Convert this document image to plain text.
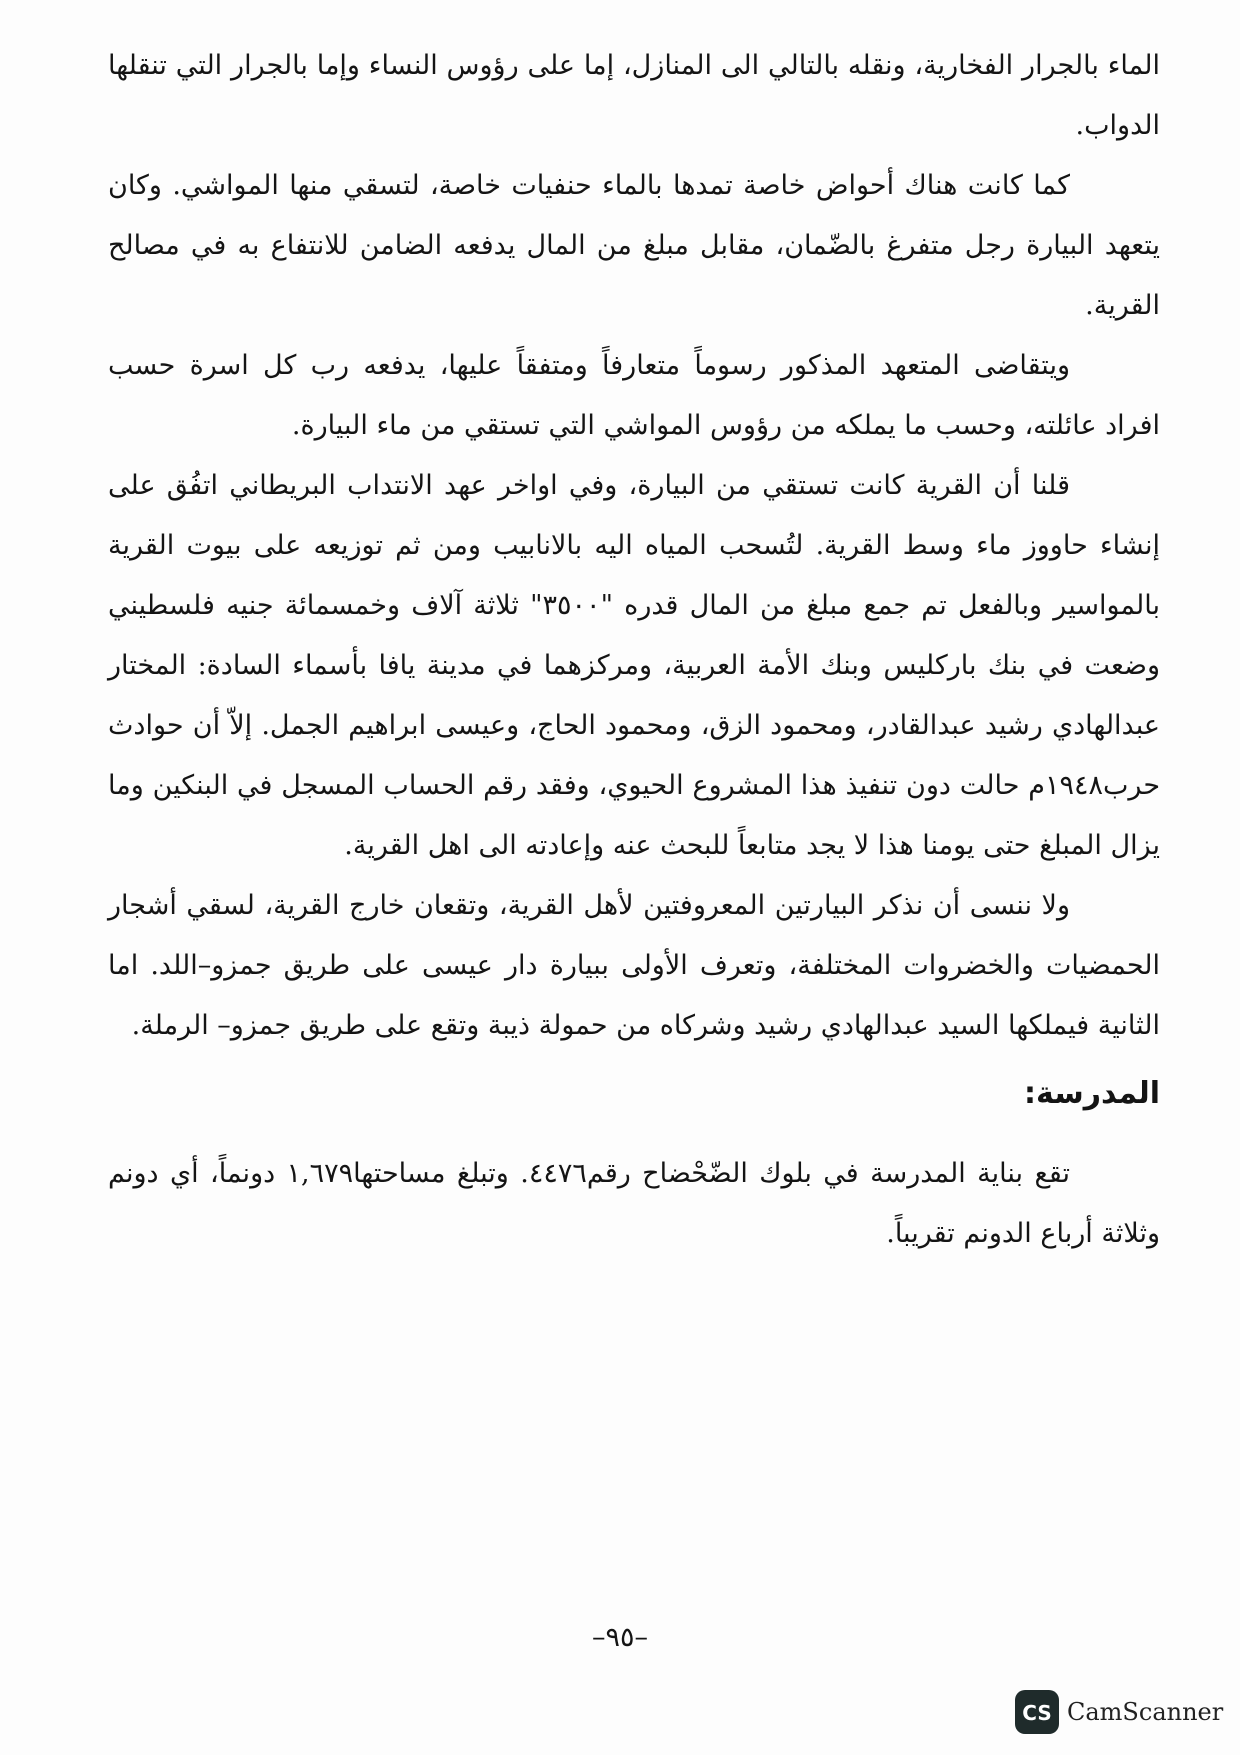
الماء بالجرار الفخارية، ونقله بالتالي الى المنازل، إما على رؤوس النساء وإما بالجرار التي تنقلها الدواب.

كما كانت هناك أحواض خاصة تمدها بالماء حنفيات خاصة، لتسقي منها المواشي. وكان يتعهد البيارة رجل متفرغ بالضّمان، مقابل مبلغ من المال يدفعه الضامن للانتفاع به في مصالح القرية.

ويتقاضى المتعهد المذكور رسوماً متعارفاً ومتفقاً عليها، يدفعه رب كل اسرة حسب افراد عائلته، وحسب ما يملكه من رؤوس المواشي التي تستقي من ماء البيارة.

قلنا أن القرية كانت تستقي من البيارة، وفي اواخر عهد الانتداب البريطاني اتفُق على إنشاء حاووز ماء وسط القرية. لتُسحب المياه اليه بالانابيب ومن ثم توزيعه على بيوت القرية بالمواسير وبالفعل تم جمع مبلغ من المال قدره "٣٥٠٠" ثلاثة آلاف وخمسمائة جنيه فلسطيني وضعت في بنك باركليس وبنك الأمة العربية، ومركزهما في مدينة يافا بأسماء السادة: المختار عبدالهادي رشيد عبدالقادر، ومحمود الزق، ومحمود الحاج، وعيسى ابراهيم الجمل. إلاّ أن حوادث حرب١٩٤٨م حالت دون تنفيذ هذا المشروع الحيوي، وفقد رقم الحساب المسجل في البنكين وما يزال المبلغ حتى يومنا هذا لا يجد متابعاً للبحث عنه وإعادته الى اهل القرية.

ولا ننسى أن نذكر البيارتين المعروفتين لأهل القرية، وتقعان خارج القرية، لسقي أشجار الحمضيات والخضروات المختلفة، وتعرف الأولى ببيارة دار عيسى على طريق جمزو–اللد. اما الثانية فيملكها السيد عبدالهادي رشيد وشركاه من حمولة ذيبة وتقع على طريق جمزو– الرملة.

المدرسة:

تقع بناية المدرسة في بلوك الضّحْضاح رقم٤٤٧٦. وتبلغ مساحتها١,٦٧٩ دونماً، أي دونم وثلاثة أرباع الدونم تقريباً.

–٩٥–
CS CamScanner
